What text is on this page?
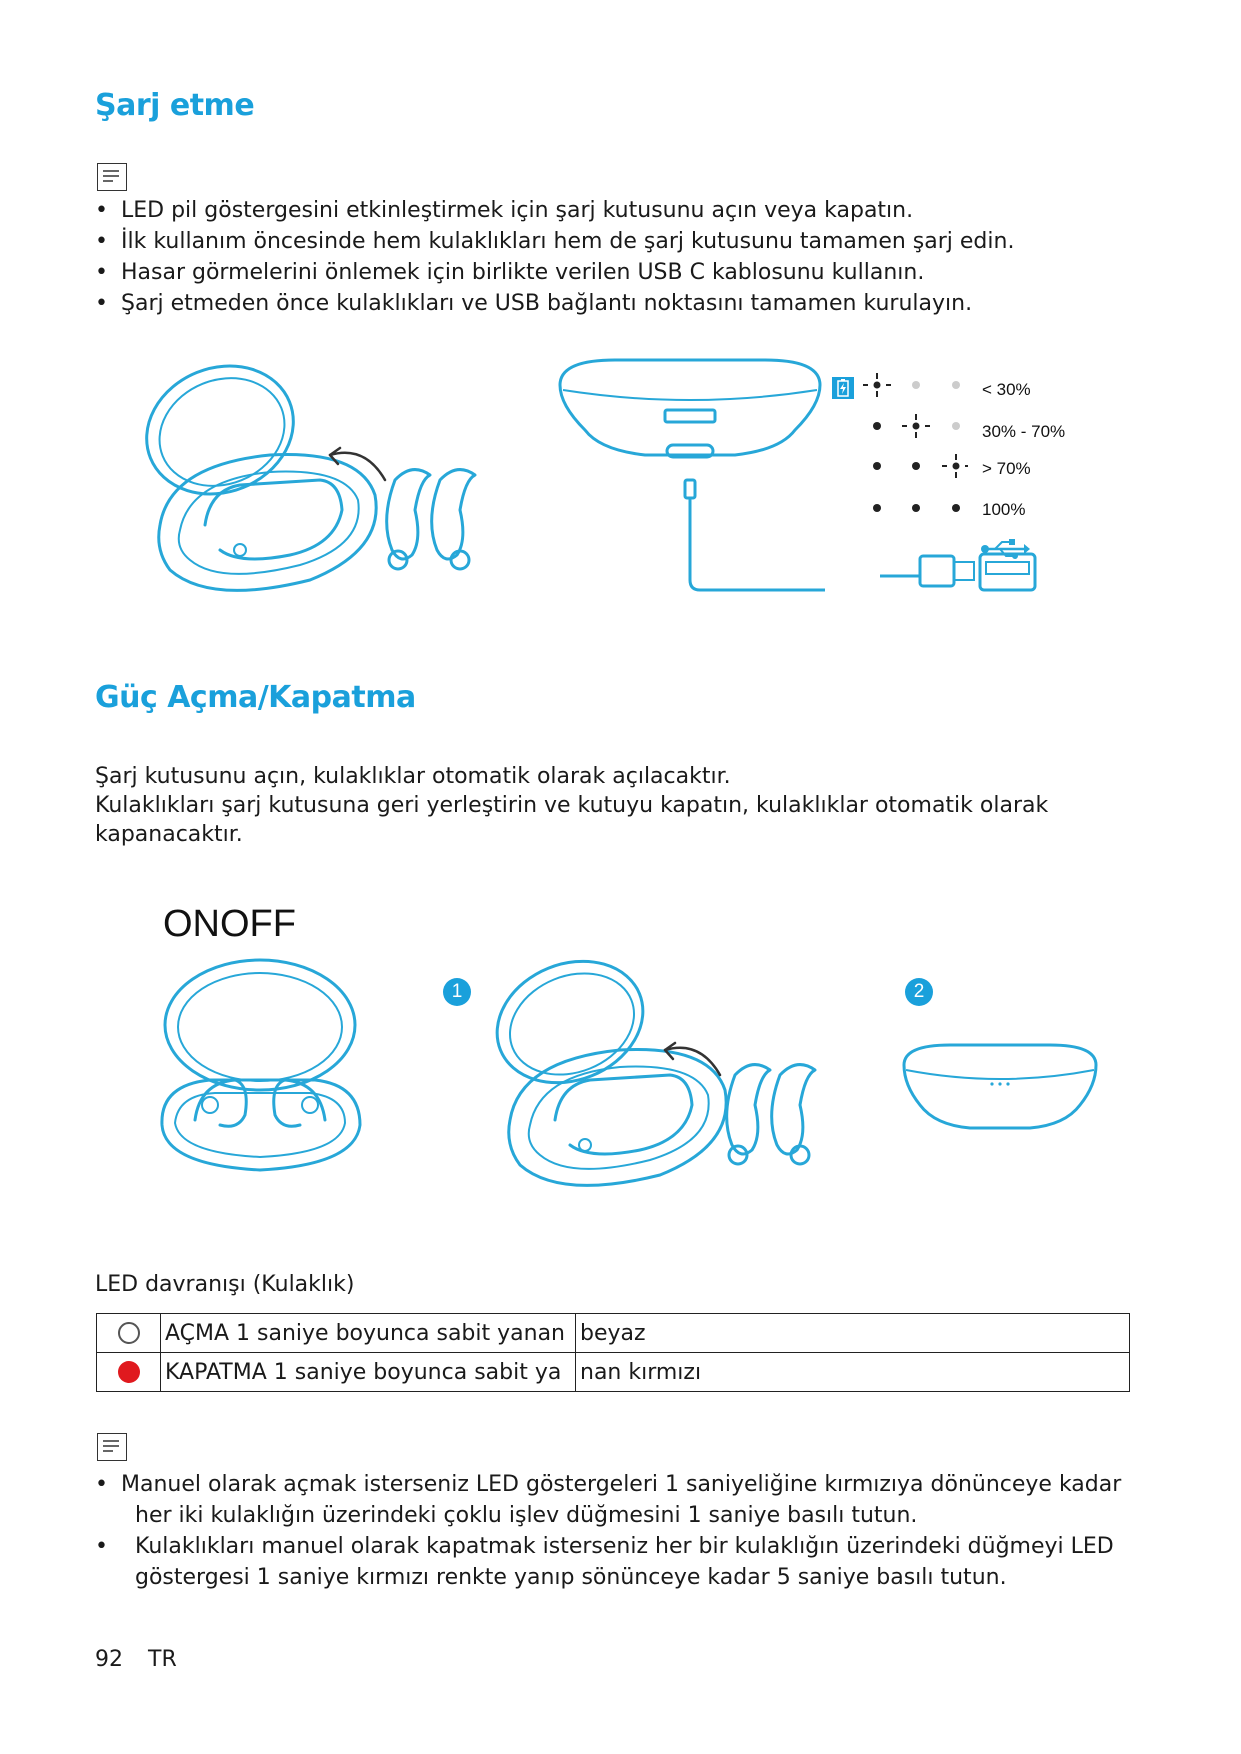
Şarj etme
• LED pil göstergesini etkinleştirmek için şarj kutusunu açın veya kapatın.
• İlk kullanım öncesinde hem kulaklıkları hem de şarj kutusunu tamamen şarj edin.
• Hasar görmelerini önlemek için birlikte verilen USB C kablosunu kullanın.
• Şarj etmeden önce kulaklıkları ve USB bağlantı noktasını tamamen kurulayın.
< 30%
30% - 70%
> 70%
100%
Güç Açma/Kapatma
Şarj kutusunu açın, kulaklıklar otomatik olarak açılacaktır.
Kulaklıkları şarj kutusuna geri yerleştirin ve kutuyu kapatın, kulaklıklar otomatik olarak
kapanacaktır.
ONOFF
1	2
LED davranışı (Kulaklık)
	AÇMA 1 saniye boyunca sabit yanan	beyaz

	KAPATMA 1 saniye boyunca sabit ya	nan kırmızı
• Manuel olarak açmak isterseniz LED göstergeleri 1 saniyeliğine kırmızıya dönünceye kadar
her iki kulaklığın üzerindeki çoklu işlev düğmesini 1 saniye basılı tutun.
• Kulaklıkları manuel olarak kapatmak isterseniz her bir kulaklığın üzerindeki düğmeyi LED
göstergesi 1 saniye kırmızı renkte yanıp sönünceye kadar 5 saniye basılı tutun.
92 TR
